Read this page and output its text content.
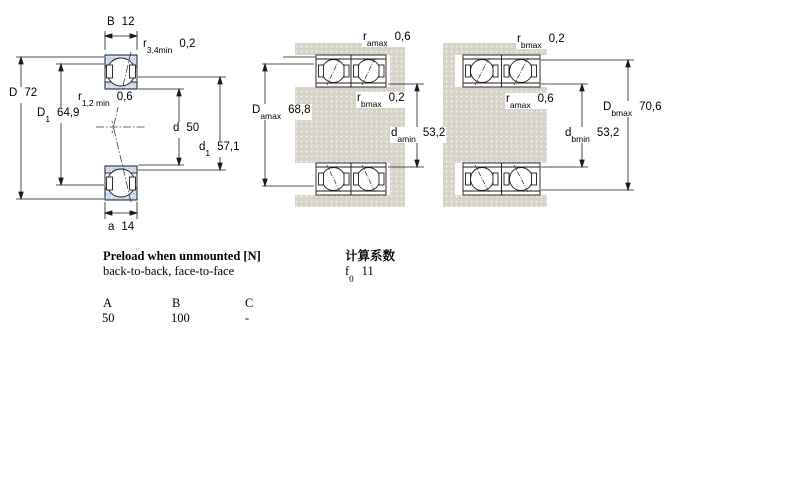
B 12
$r_{3,4min}0,2$
D 72
$D_164,9$
$r_{1,2 min}0,6$
d 50
$d_157,1$
a 14
$r_{amax}0,6$
$r_{bmax}0,2$
$D_{amax}68,8$
$d_{amin}53,2$
$r_{bmax}0,2$
$r_{amax}0,6$
$D_{bmax}70,6$
$d_{bmin}53,2$
Preload when unmounted [N]
back-to-back, face-to-face
A	B	C
50	100	-
计算系数
$f_011$
